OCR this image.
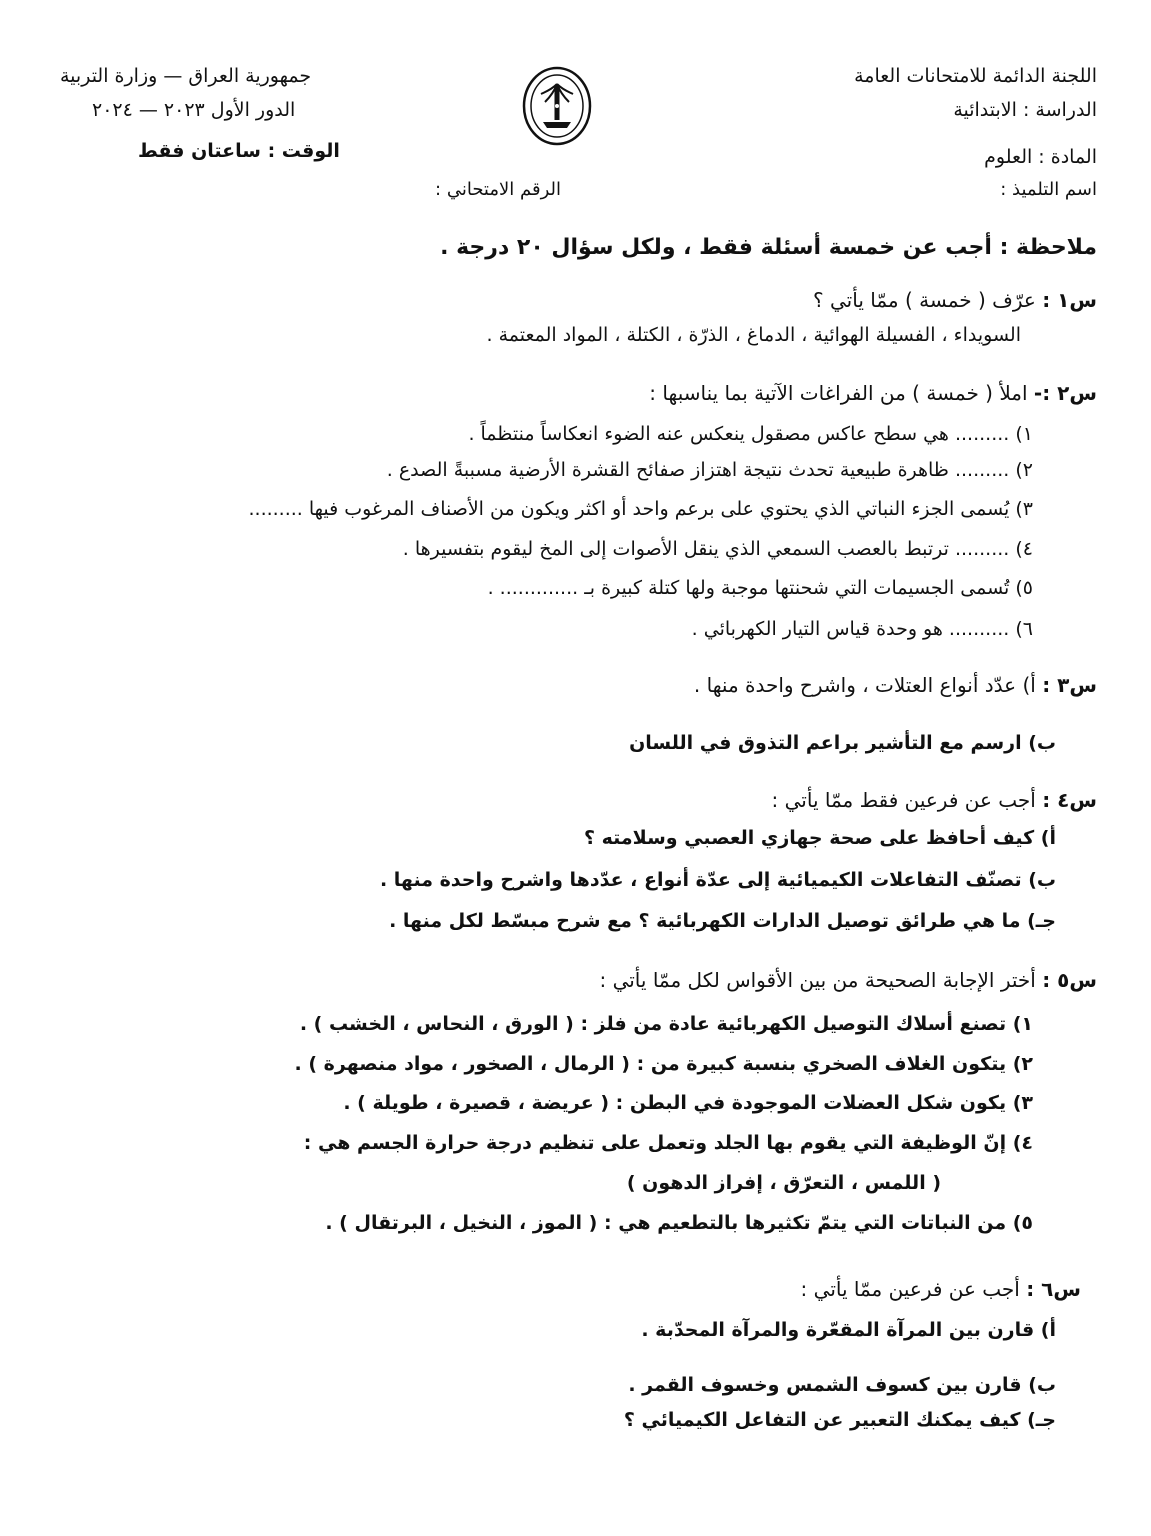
اللجنة الدائمة للامتحانات العامة
الدراسة : الابتدائية
المادة : العلوم
اسم التلميذ :
جمهورية العراق — وزارة التربية
الدور الأول ٢٠٢٣ — ٢٠٢٤
الوقت : ساعتان فقط
الرقم الامتحاني :
ملاحظة : أجب عن خمسة أسئلة فقط ، ولكل سؤال ٢٠ درجة .
س١ : عرّف ( خمسة ) ممّا يأتي ؟
السويداء ، الفسيلة الهوائية ، الدماغ ، الذرّة ، الكتلة ، المواد المعتمة .
س٢ :- املأ ( خمسة ) من الفراغات الآتية بما يناسبها :
١) ......... هي سطح عاكس مصقول ينعكس عنه الضوء انعكاساً منتظماً .
٢) ......... ظاهرة طبيعية تحدث نتيجة اهتزاز صفائح القشرة الأرضية مسببةً الصدع .
٣) يُسمى الجزء النباتي الذي يحتوي على برعم واحد أو اكثر ويكون من الأصناف المرغوب فيها .........
٤) ......... ترتبط بالعصب السمعي الذي ينقل الأصوات إلى المخ ليقوم بتفسيرها .
٥) تُسمى الجسيمات التي شحنتها موجبة ولها كتلة كبيرة بـ ............. .
٦) .......... هو وحدة قياس التيار الكهربائي .
س٣ : أ) عدّد أنواع العتلات ، واشرح واحدة منها .
ب) ارسم مع التأشير براعم التذوق في اللسان
س٤ : أجب عن فرعين فقط ممّا يأتي :
أ) كيف أحافظ على صحة جهازي العصبي وسلامته ؟
ب) تصنّف التفاعلات الكيميائية إلى عدّة أنواع ، عدّدها واشرح واحدة منها .
جـ) ما هي طرائق توصيل الدارات الكهربائية ؟ مع شرح مبسّط لكل منها .
س٥ : أختر الإجابة الصحيحة من بين الأقواس لكل ممّا يأتي :
١) تصنع أسلاك التوصيل الكهربائية عادة من فلز : ( الورق ، النحاس ، الخشب ) .
٢) يتكون الغلاف الصخري بنسبة كبيرة من : ( الرمال ، الصخور ، مواد منصهرة ) .
٣) يكون شكل العضلات الموجودة في البطن : ( عريضة ، قصيرة ، طويلة ) .
٤) إنّ الوظيفة التي يقوم بها الجلد وتعمل على تنظيم درجة حرارة الجسم هي :
( اللمس ، التعرّق ، إفراز الدهون )
٥) من النباتات التي يتمّ تكثيرها بالتطعيم هي : ( الموز ، النخيل ، البرتقال ) .
س٦ : أجب عن فرعين ممّا يأتي :
أ) قارن بين المرآة المقعّرة والمرآة المحدّبة .
ب) قارن بين كسوف الشمس وخسوف القمر .
جـ) كيف يمكنك التعبير عن التفاعل الكيميائي ؟
